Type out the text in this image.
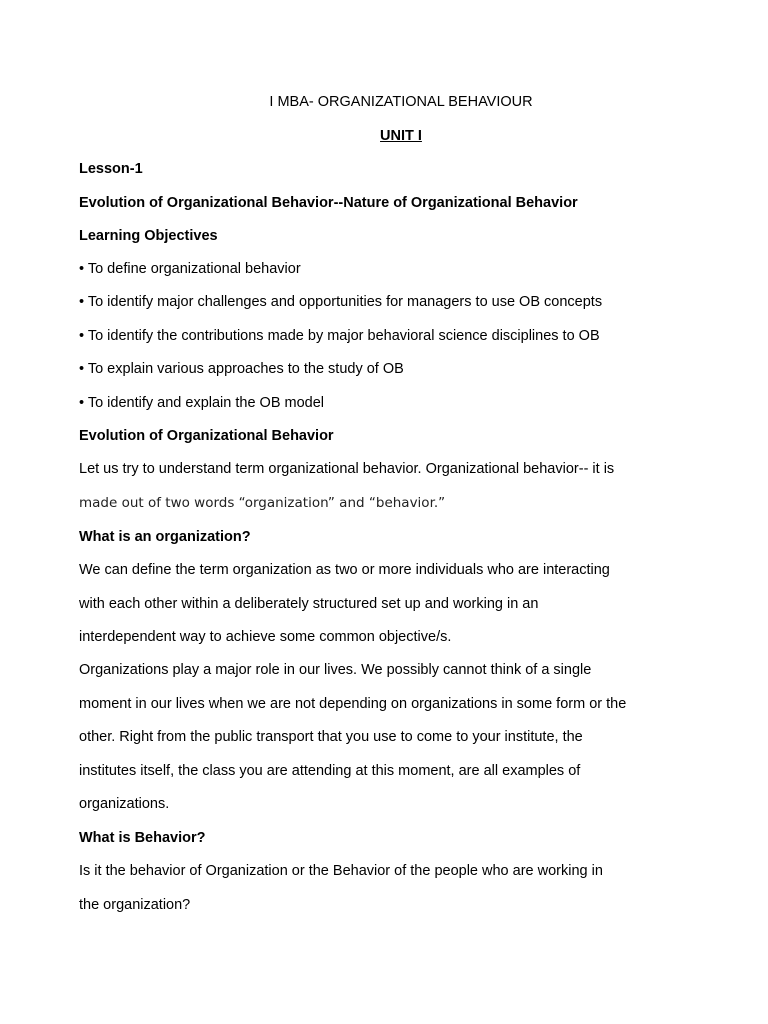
I MBA- ORGANIZATIONAL BEHAVIOUR

UNIT I

Lesson-1

Evolution of Organizational Behavior--Nature of Organizational Behavior

Learning Objectives

• To define organizational behavior

• To identify major challenges and opportunities for managers to use OB concepts

• To identify the contributions made by major behavioral science disciplines to OB

• To explain various approaches to the study of OB

• To identify and explain the OB model

Evolution of Organizational Behavior

Let us try to understand term organizational behavior. Organizational behavior-- it is

made out of two words “organization” and “behavior.”

What is an organization?

We can define the term organization as two or more individuals who are interacting

with each other within a deliberately structured set up and working in an

interdependent way to achieve some common objective/s.

Organizations play a major role in our lives. We possibly cannot think of a single

moment in our lives when we are not depending on organizations in some form or the

other. Right from the public transport that you use to come to your institute, the

institutes itself, the class you are attending at this moment, are all examples of

organizations.

What is Behavior?

Is it the behavior of Organization or the Behavior of the people who are working in

the organization?
